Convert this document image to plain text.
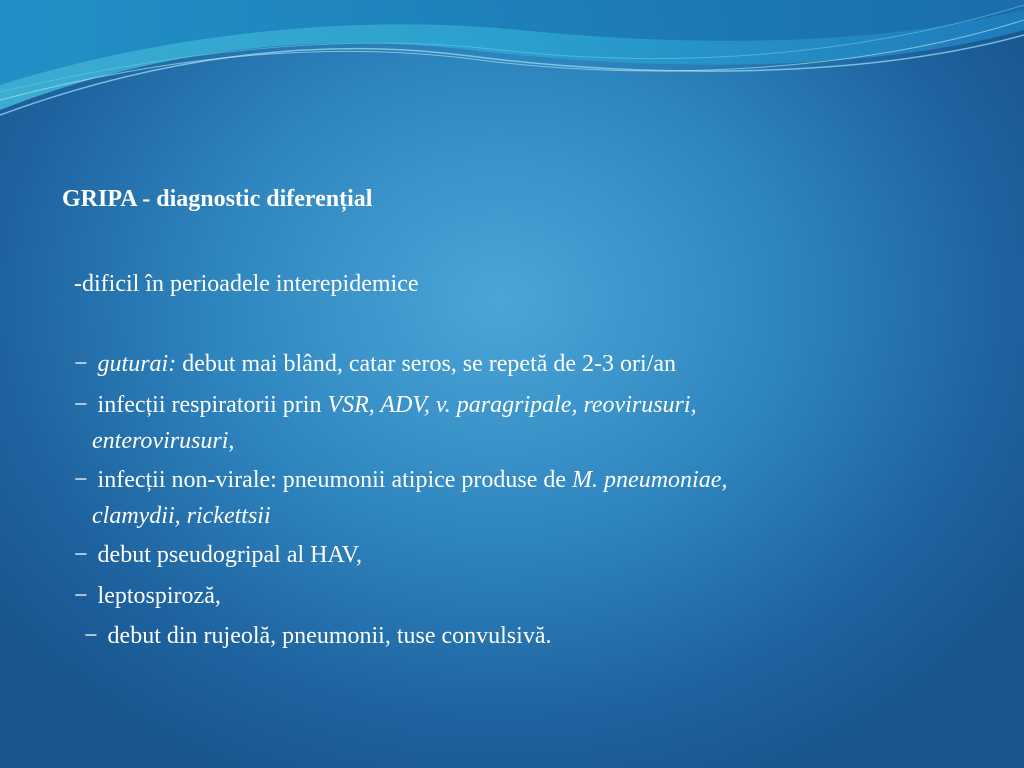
GRIPA - diagnostic diferențial
-dificil în perioadele interepidemice
− guturai: debut mai blând, catar seros, se repetă de 2-3 ori/an
− infecții respiratorii prin VSR, ADV, v. paragripale, reovirusuri,
enterovirusuri,
− infecții non-virale: pneumonii atipice produse de M. pneumoniae,
clamydii, rickettsii
− debut pseudogripal al HAV,
− leptospiroză,
− debut din rujeolă, pneumonii, tuse convulsivă.
